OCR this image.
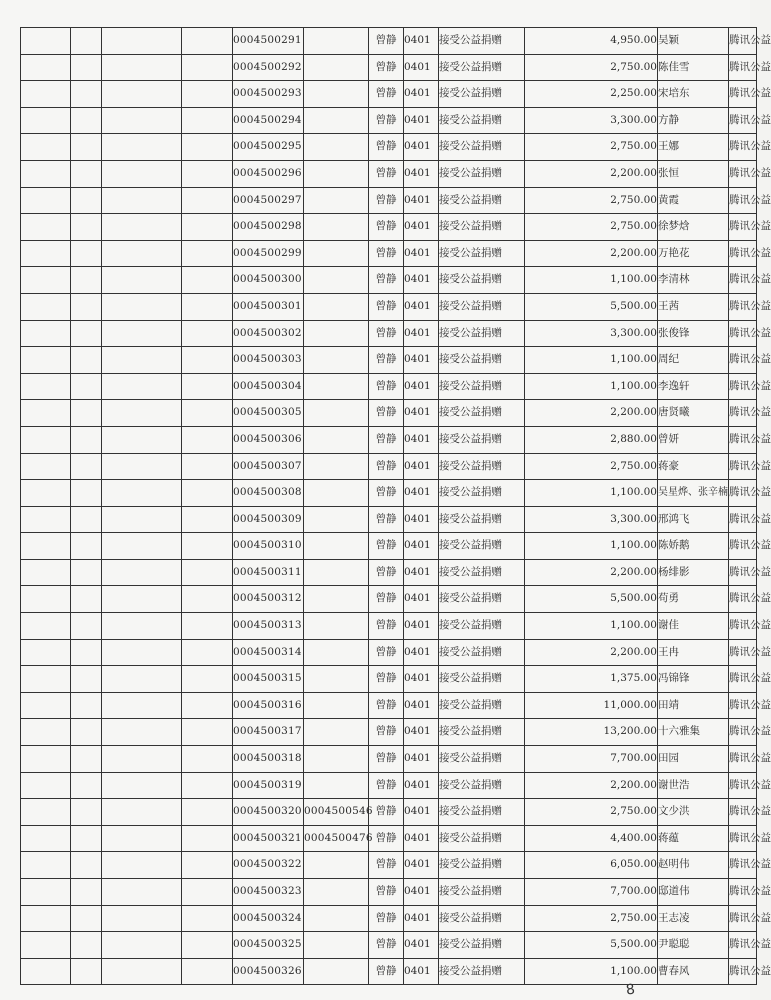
				0004500291		曾静	0401	接受公益捐赠	4,950.00	吴颖	腾讯公益
				0004500292		曾静	0401	接受公益捐赠	2,750.00	陈佳雪	腾讯公益
				0004500293		曾静	0401	接受公益捐赠	2,250.00	宋培东	腾讯公益
				0004500294		曾静	0401	接受公益捐赠	3,300.00	方静	腾讯公益
				0004500295		曾静	0401	接受公益捐赠	2,750.00	王娜	腾讯公益
				0004500296		曾静	0401	接受公益捐赠	2,200.00	张恒	腾讯公益
				0004500297		曾静	0401	接受公益捐赠	2,750.00	黄霞	腾讯公益
				0004500298		曾静	0401	接受公益捐赠	2,750.00	徐梦焓	腾讯公益
				0004500299		曾静	0401	接受公益捐赠	2,200.00	万艳花	腾讯公益
				0004500300		曾静	0401	接受公益捐赠	1,100.00	李清林	腾讯公益
				0004500301		曾静	0401	接受公益捐赠	5,500.00	王茜	腾讯公益
				0004500302		曾静	0401	接受公益捐赠	3,300.00	张俊锋	腾讯公益
				0004500303		曾静	0401	接受公益捐赠	1,100.00	周纪	腾讯公益
				0004500304		曾静	0401	接受公益捐赠	1,100.00	李逸轩	腾讯公益
				0004500305		曾静	0401	接受公益捐赠	2,200.00	唐贤曦	腾讯公益
				0004500306		曾静	0401	接受公益捐赠	2,880.00	曾妍	腾讯公益
				0004500307		曾静	0401	接受公益捐赠	2,750.00	蒋豪	腾讯公益
				0004500308		曾静	0401	接受公益捐赠	1,100.00	吴星烨、张辛楠	腾讯公益
				0004500309		曾静	0401	接受公益捐赠	3,300.00	邢鸿飞	腾讯公益
				0004500310		曾静	0401	接受公益捐赠	1,100.00	陈娇鹅	腾讯公益
				0004500311		曾静	0401	接受公益捐赠	2,200.00	杨绯影	腾讯公益
				0004500312		曾静	0401	接受公益捐赠	5,500.00	苟勇	腾讯公益
				0004500313		曾静	0401	接受公益捐赠	1,100.00	谢佳	腾讯公益
				0004500314		曾静	0401	接受公益捐赠	2,200.00	王冉	腾讯公益
				0004500315		曾静	0401	接受公益捐赠	1,375.00	冯锦锋	腾讯公益
				0004500316		曾静	0401	接受公益捐赠	11,000.00	田靖	腾讯公益
				0004500317		曾静	0401	接受公益捐赠	13,200.00	十六雅集	腾讯公益
				0004500318		曾静	0401	接受公益捐赠	7,700.00	田园	腾讯公益
				0004500319		曾静	0401	接受公益捐赠	2,200.00	谢世浩	腾讯公益
				0004500320	0004500546	曾静	0401	接受公益捐赠	2,750.00	文少洪	腾讯公益
				0004500321	0004500476	曾静	0401	接受公益捐赠	4,400.00	蒋蕴	腾讯公益
				0004500322		曾静	0401	接受公益捐赠	6,050.00	赵明伟	腾讯公益
				0004500323		曾静	0401	接受公益捐赠	7,700.00	邸道伟	腾讯公益
				0004500324		曾静	0401	接受公益捐赠	2,750.00	王志凌	腾讯公益
				0004500325		曾静	0401	接受公益捐赠	5,500.00	尹聪聪	腾讯公益
				0004500326		曾静	0401	接受公益捐赠	1,100.00	曹春风	腾讯公益
8
